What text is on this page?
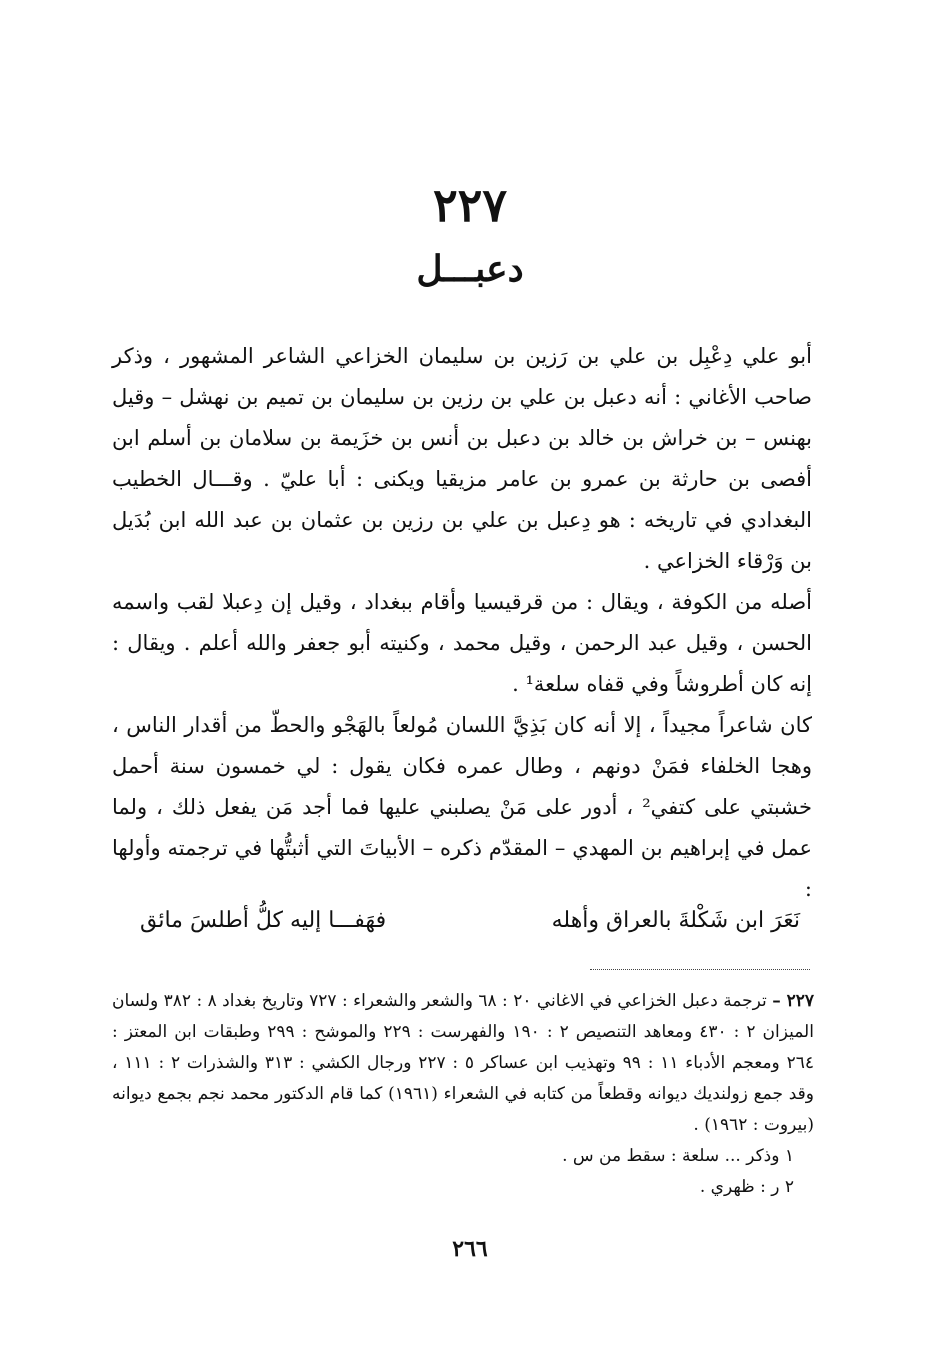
٢٢٧
دعبـــل

أبو علي دِعْبِل بن علي بن رَزين بن سليمان الخزاعي الشاعر المشهور ، وذكر صاحب الأغاني : أنه دعبل بن علي بن رزين بن سليمان بن تميم بن نهشل – وقيل بهنس – بن خراش بن خالد بن دعبل بن أنس بن خزَيمة بن سلامان بن أسلم ابن أفصى بن حارثة بن عمرو بن عامر مزيقيا ويكنى : أبا عليّ . وقـــال الخطيب البغدادي في تاريخه : هو دِعبل بن علي بن رزين بن عثمان بن عبد الله ابن بُدَيل بن وَرْقاء الخزاعي .

أصله من الكوفة ، ويقال : من قرقيسيا وأقام ببغداد ، وقيل إن دِعبلا لقب واسمه الحسن ، وقيل عبد الرحمن ، وقيل محمد ، وكنيته أبو جعفر والله أعلم . ويقال : إنه كان أطروشاً وفي قفاه سلعة¹ .

كان شاعراً مجيداً ، إلا أنه كان بَذِيَّ اللسان مُولعاً بالهَجْو والحطّ من أقدار الناس ، وهجا الخلفاء فمَنْ دونهم ، وطال عمره فكان يقول : لي خمسون سنة أحمل خشبتي على كتفي² ، أدور على مَنْ يصلبني عليها فما أجد مَن يفعل ذلك ، ولما عمل في إبراهيم بن المهدي – المقدّم ذكره – الأبياتَ التي أثبتُّها في ترجمته وأولها :

نَعَرَ ابن شَكْلةَ بالعراق وأهله
فهَفـــا إليه كلُّ أطلسَ مائق

٢٢٧ – ترجمة دعبل الخزاعي في الاغاني ٢٠ : ٦٨ والشعر والشعراء : ٧٢٧ وتاريخ بغداد ٨ : ٣٨٢ ولسان الميزان ٢ : ٤٣٠ ومعاهد التنصيص ٢ : ١٩٠ والفهرست : ٢٢٩ والموشح : ٢٩٩ وطبقات ابن المعتز : ٢٦٤ ومعجم الأدباء ١١ : ٩٩ وتهذيب ابن عساكر ٥ : ٢٢٧ ورجال الكشي : ٣١٣ والشذرات ٢ : ١١١ ، وقد جمع زولنديك ديوانه وقطعاً من كتابه في الشعراء (١٩٦١) كما قام الدكتور محمد نجم بجمع ديوانه (بيروت : ١٩٦٢) .

١ وذكر ... سلعة : سقط من س .

٢ ر : ظهري .

٢٦٦
